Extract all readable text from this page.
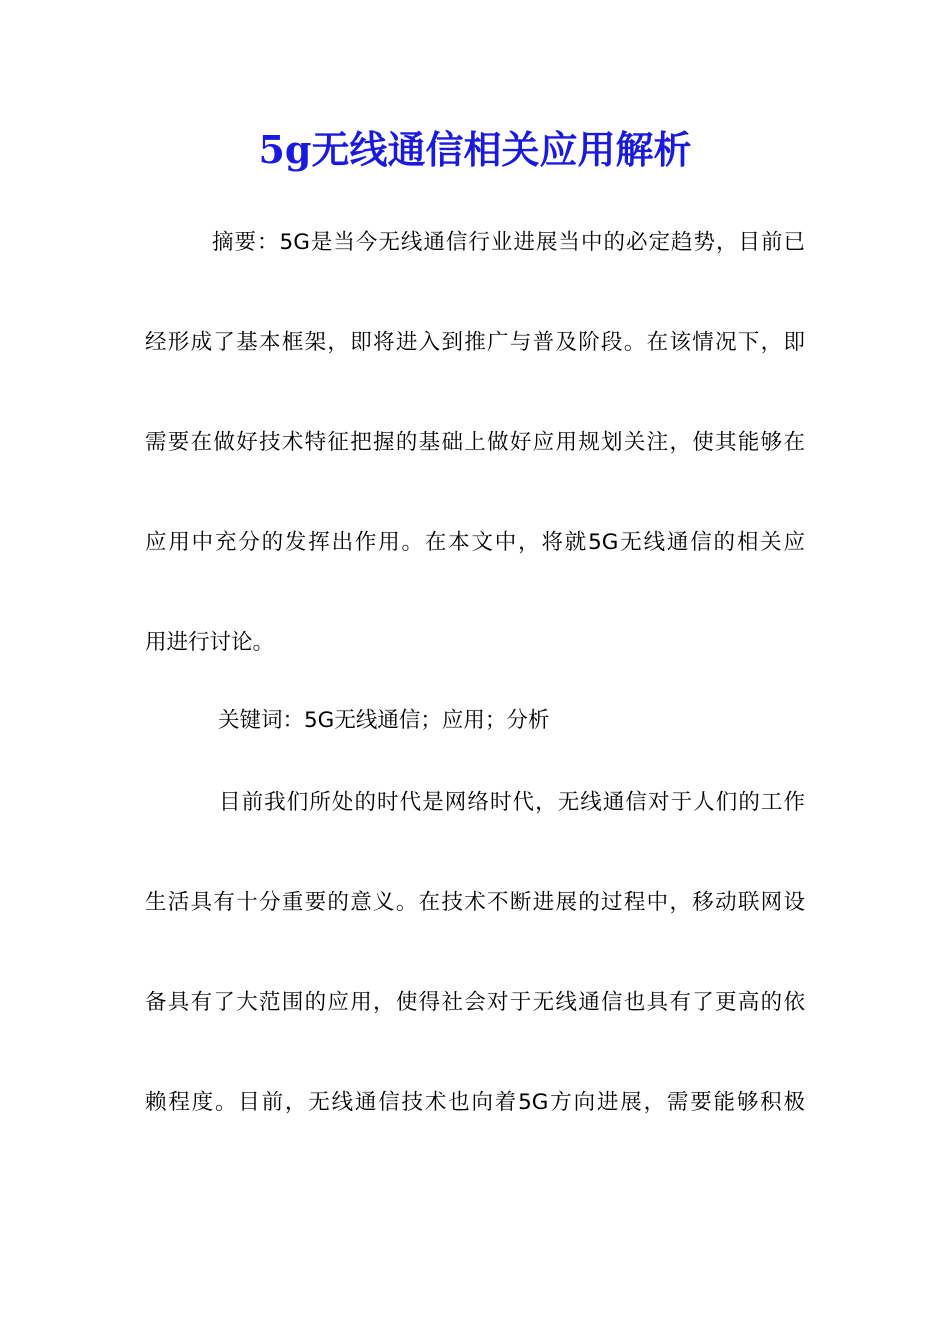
5g无线通信相关应用解析

摘要：5G是当今无线通信行业进展当中的必定趋势，目前已

经形成了基本框架，即将进入到推广与普及阶段。在该情况下，即

需要在做好技术特征把握的基础上做好应用规划关注，使其能够在

应用中充分的发挥出作用。在本文中，将就5G无线通信的相关应

用进行讨论。

关键词：5G无线通信；应用；分析

目前我们所处的时代是网络时代，无线通信对于人们的工作

生活具有十分重要的意义。在技术不断进展的过程中，移动联网设

备具有了大范围的应用，使得社会对于无线通信也具有了更高的依

赖程度。目前，无线通信技术也向着5G方向进展，需要能够积极
